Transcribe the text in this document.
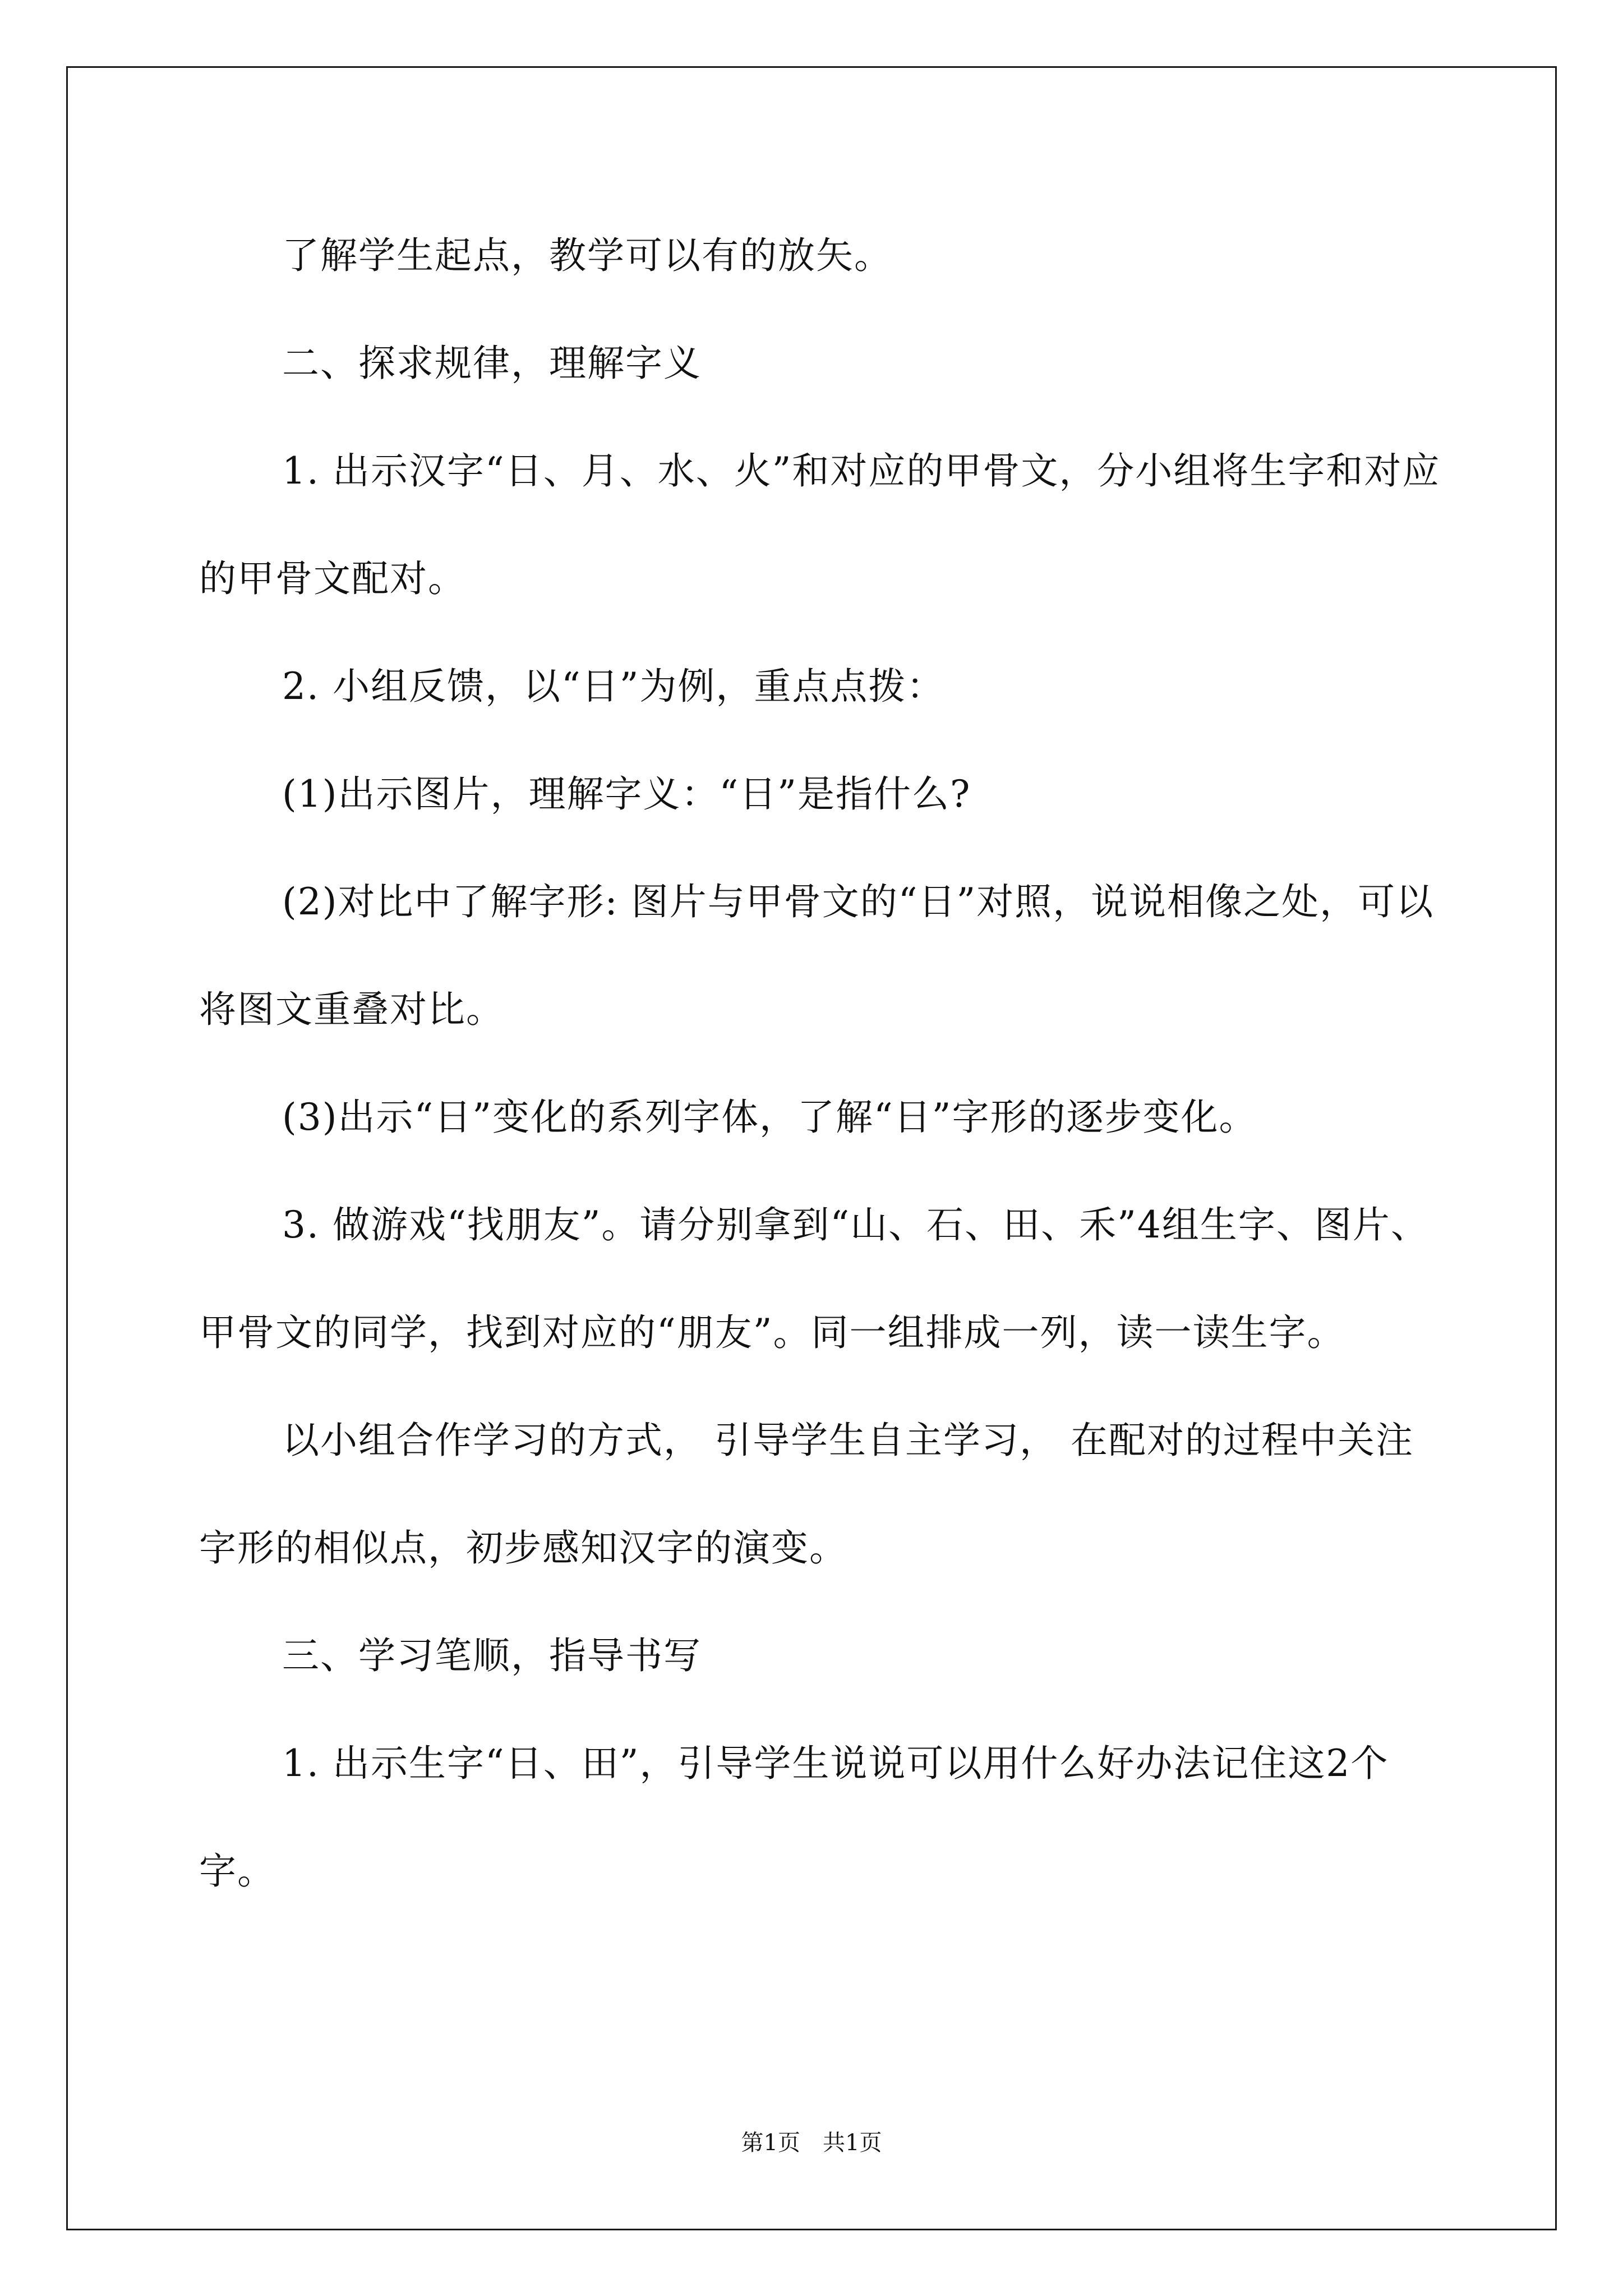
了解学生起点，教学可以有的放矢。

二、探求规律，理解字义

1. 出示汉字“日、月、水、火”和对应的甲骨文，分小组将生字和对应的甲骨文配对。

2. 小组反馈，以“日”为例，重点点拨：

(1)出示图片，理解字义：“日”是指什么?

(2)对比中了解字形: 图片与甲骨文的“日”对照，说说相像之处，可以将图文重叠对比。

(3)出示“日”变化的系列字体，了解“日”字形的逐步变化。

3. 做游戏“找朋友”。请分别拿到“山、石、田、禾”4组生字、图片、甲骨文的同学，找到对应的“朋友”。同一组排成一列，读一读生字。

以小组合作学习的方式， 引导学生自主学习， 在配对的过程中关注字形的相似点，初步感知汉字的演变。

三、学习笔顺，指导书写

1. 出示生字“日、田”，引导学生说说可以用什么好办法记住这2个字。

第1页　共1页
